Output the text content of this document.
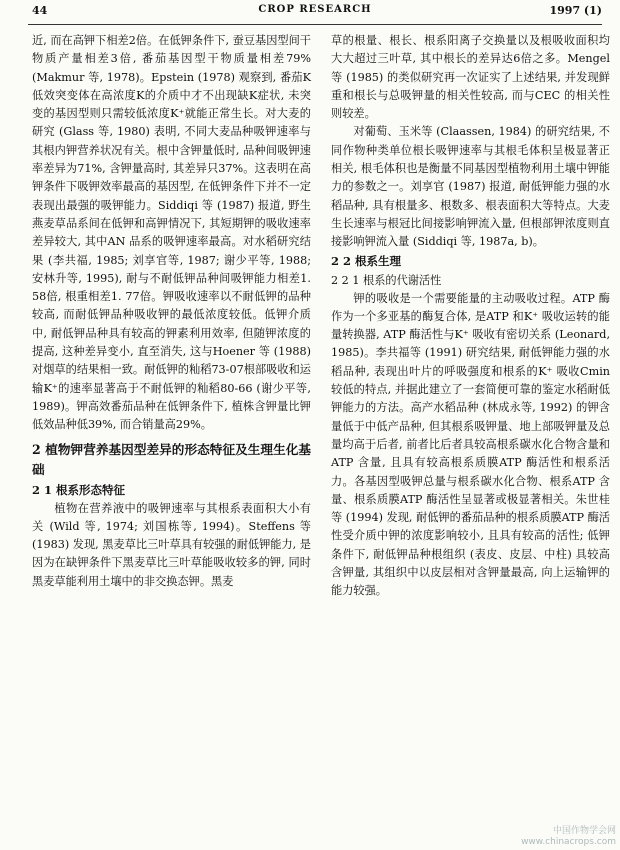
44	CROP RESEARCH	1997 (1)

近, 而在高钾下相差2倍。在低钾条件下, 蚕豆基因型间干物质产量相差3倍, 番茄基因型干物质量相差79% (Makmur 等, 1978)。Epstein (1978) 观察到, 番茄K低效突变体在高浓度K的介质中才不出现缺K症状, 未突变的基因型则只需较低浓度K⁺就能正常生长。对大麦的研究 (Glass 等, 1980) 表明, 不同大麦品种吸钾速率与其根内钾营养状况有关。根中含钾量低时, 品种间吸钾速率差异为71%, 含钾量高时, 其差异只37%。这表明在高钾条件下吸钾效率最高的基因型, 在低钾条件下并不一定表现出最强的吸钾能力。Siddiqi 等 (1987) 报道, 野生燕麦草品系间在低钾和高钾情况下, 其短期钾的吸收速率差异较大, 其中AN 品系的吸钾速率最高。对水稻研究结果 (李共福, 1985; 刘享官等, 1987; 谢少平等, 1988; 安林升等, 1995), 耐与不耐低钾品种间吸钾能力相差1. 58倍, 根重相差1. 77倍。钾吸收速率以不耐低钾的品种较高, 而耐低钾品种吸收钾的最低浓度较低。低钾介质中, 耐低钾品种具有较高的钾素利用效率, 但随钾浓度的提高, 这种差异变小, 直至消失, 这与Hoener 等 (1988) 对烟草的结果相一致。耐低钾的籼稻73-07根部吸收和运输K⁺的速率显著高于不耐低钾的籼稻80-66 (谢少平等, 1989)。钾高效番茄品种在低钾条件下, 植株含钾量比钾低效品种低39%, 而合销量高29%。

2 植物钾营养基因型差异的形态特征及生理生化基础
2 1 根系形态特征

植物在营养液中的吸钾速率与其根系表面积大小有关 (Wild 等, 1974; 刘国栋等, 1994)。Steffens 等 (1983) 发现, 黑麦草比三叶草具有较强的耐低钾能力, 是因为在缺钾条件下黑麦草比三叶草能吸收较多的钾, 同时黑麦草能利用土壤中的非交换态钾。黑麦

草的根量、根长、根系阳离子交换量以及根吸收面积均大大超过三叶草, 其中根长的差异达6倍之多。Mengel等 (1985) 的类似研究再一次证实了上述结果, 并发现鲜重和根长与总吸钾量的相关性较高, 而与CEC 的相关性则较差。

对葡萄、玉米等 (Claassen, 1984) 的研究结果, 不同作物种类单位根长吸钾速率与其根毛体积呈极显著正相关, 根毛体积也是衡量不同基因型植物利用土壤中钾能力的参数之一。刘享官 (1987) 报道, 耐低钾能力强的水稻品种, 具有根量多、根数多、根表面积大等特点。大麦生长速率与根冠比间接影响钾流入量, 但根部钾浓度则直接影响钾流入量 (Siddiqi 等, 1987a, b)。

2 2 根系生理
2 2 1 根系的代谢活性

钾的吸收是一个需要能量的主动吸收过程。ATP 酶作为一个多亚基的酶复合体, 是ATP 和K⁺ 吸收运转的能量转换器, ATP 酶活性与K⁺ 吸收有密切关系 (Leonard, 1985)。李共福等 (1991) 研究结果, 耐低钾能力强的水稻品种, 表现出叶片的呼吸强度和根系的K⁺ 吸收Cmin 较低的特点, 并据此建立了一套简便可靠的鉴定水稻耐低钾能力的方法。高产水稻品种 (林成永等, 1992) 的钾含量低于中低产品种, 但其根系吸钾量、地上部吸钾量及总量均高于后者, 前者比后者具较高根系碳水化合物含量和ATP 含量, 且具有较高根系质膜ATP 酶活性和根系活力。各基因型吸钾总量与根系碳水化合物、根系ATP 含量、根系质膜ATP 酶活性呈显著或极显著相关。朱世桂等 (1994) 发现, 耐低钾的番茄品种的根系质膜ATP 酶活性受介质中钾的浓度影响较小, 且具有较高的活性; 低钾条件下, 耐低钾品种根组织 (表皮、皮层、中柱) 具较高含钾量, 其组织中以皮层相对含钾量最高, 向上运输钾的能力较强。

中国作物学会网
www.chinacrops.com
